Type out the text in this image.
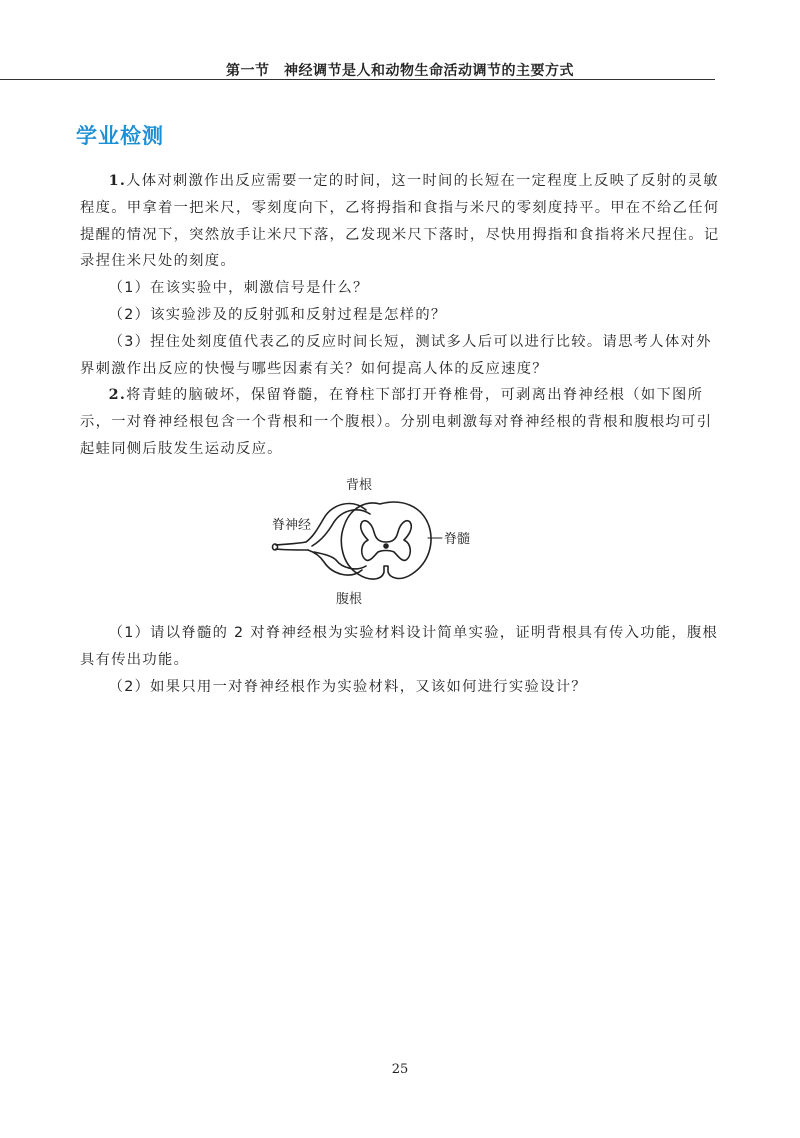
第一节　神经调节是人和动物生命活动调节的主要方式
学业检测

1.人体对刺激作出反应需要一定的时间，这一时间的长短在一定程度上反映了反射的灵敏程度。甲拿着一把米尺，零刻度向下，乙将拇指和食指与米尺的零刻度持平。甲在不给乙任何提醒的情况下，突然放手让米尺下落，乙发现米尺下落时，尽快用拇指和食指将米尺捏住。记录捏住米尺处的刻度。

（1）在该实验中，刺激信号是什么？

（2）该实验涉及的反射弧和反射过程是怎样的？

（3）捏住处刻度值代表乙的反应时间长短，测试多人后可以进行比较。请思考人体对外界刺激作出反应的快慢与哪些因素有关？如何提高人体的反应速度？

2.将青蛙的脑破坏，保留脊髓，在脊柱下部打开脊椎骨，可剥离出脊神经根（如下图所示，一对脊神经根包含一个背根和一个腹根）。分别电刺激每对脊神经根的背根和腹根均可引起蛙同侧后肢发生运动反应。

背根
脊神经
脊髓
腹根

（1）请以脊髓的 2 对脊神经根为实验材料设计简单实验，证明背根具有传入功能，腹根具有传出功能。

（2）如果只用一对脊神经根作为实验材料，又该如何进行实验设计？

25
